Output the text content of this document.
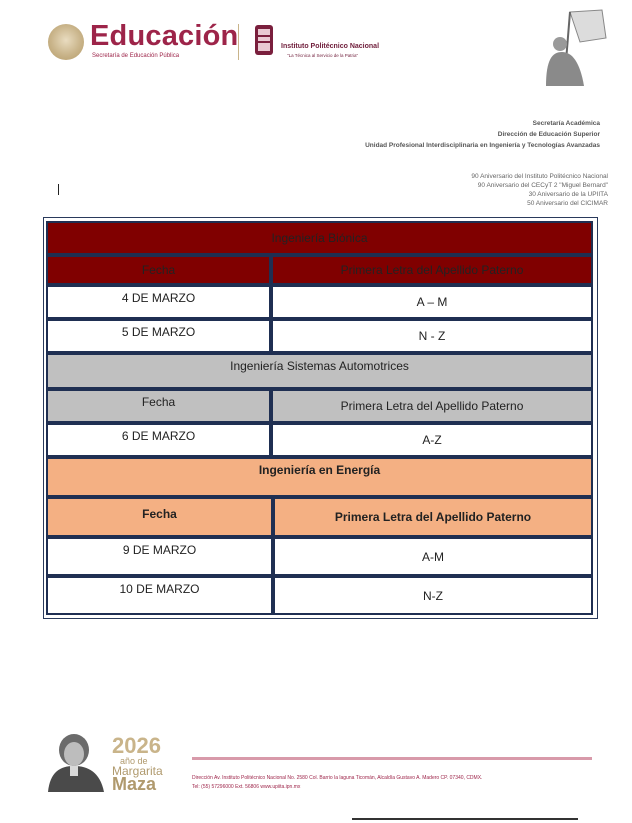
Educación
Secretaría de Educación Pública
Instituto Politécnico Nacional
"La Técnica al Servicio de la Patria"
Secretaría Académica
Dirección de Educación Superior
Unidad Profesional Interdisciplinaria en Ingeniería y Tecnologías Avanzadas
90 Aniversario del Instituto Politécnico Nacional
90 Aniversario del CECyT 2 "Miguel Bernard"
30 Aniversario de la UPIITA
50 Aniversario del CICIMAR
Ingeniería Biónica
Fecha	Primera Letra del Apellido Paterno
4 DE MARZO	A – M
5 DE MARZO	N - Z
Ingeniería Sistemas Automotrices
Fecha	Primera Letra del Apellido Paterno
6 DE MARZO	A-Z
Ingeniería en Energía
Fecha	Primera Letra del Apellido Paterno
9 DE MARZO	A-M
10 DE MARZO	N-Z
2026
año de
Margarita
Maza	Dirección Av. Instituto Politécnico Nacional No. 2580 Col. Barrio la laguna Ticomán, Alcaldía Gustavo A. Madero CP. 07340, CDMX.
Tel: (55) 57296000 Ext. 56806 www.upiita.ipn.mx
